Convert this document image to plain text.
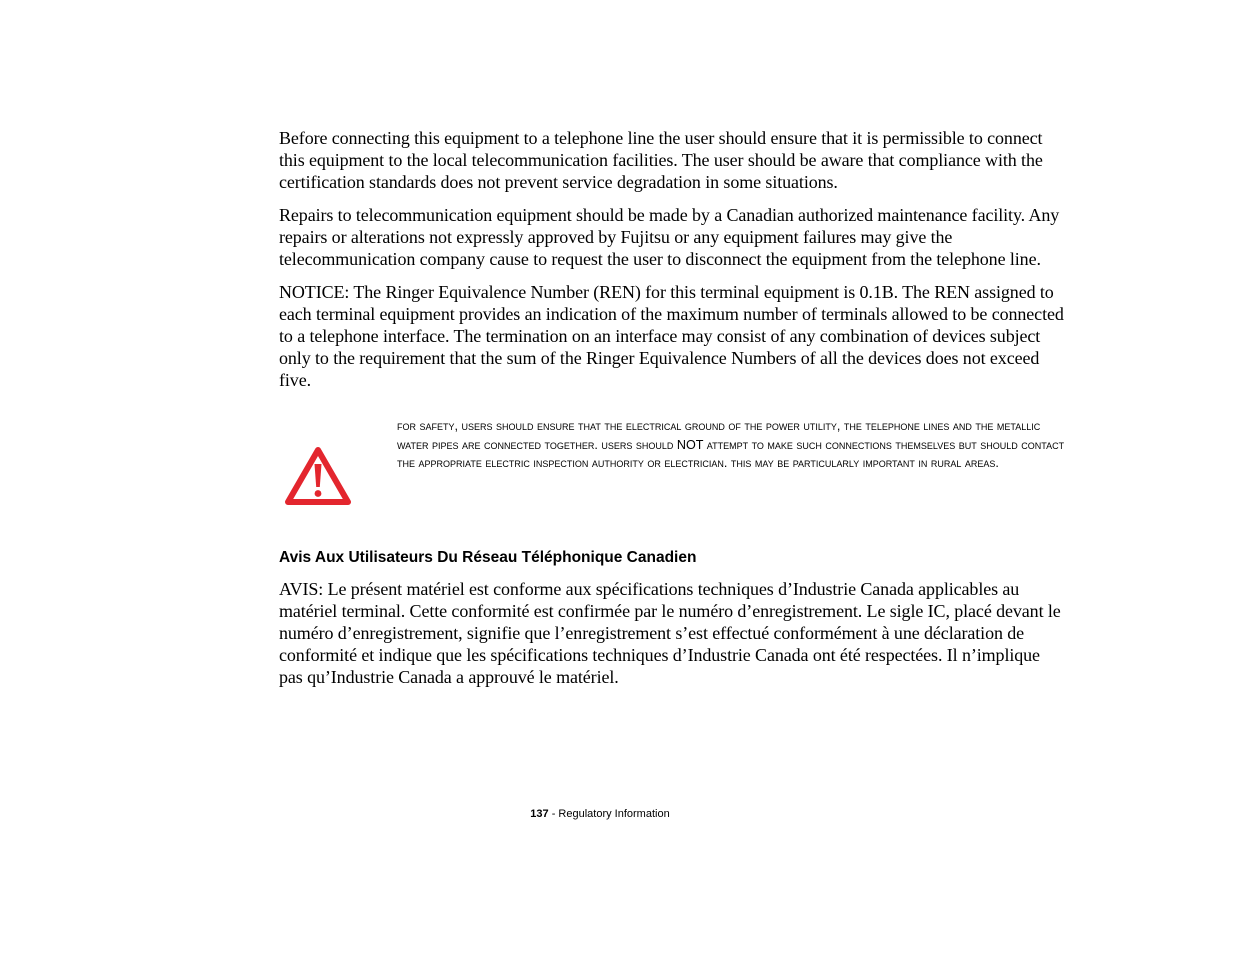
Before connecting this equipment to a telephone line the user should ensure that it is permissible to connect this equipment to the local telecommunication facilities. The user should be aware that compliance with the certification standards does not prevent service degradation in some situations.

Repairs to telecommunication equipment should be made by a Canadian authorized maintenance facility. Any repairs or alterations not expressly approved by Fujitsu or any equipment failures may give the telecommunication company cause to request the user to disconnect the equipment from the telephone line.

NOTICE: The Ringer Equivalence Number (REN) for this terminal equipment is 0.1B. The REN assigned to each terminal equipment provides an indication of the maximum number of terminals allowed to be connected to a telephone interface. The termination on an interface may consist of any combination of devices subject only to the requirement that the sum of the Ringer Equivalence Numbers of all the devices does not exceed five.

for safety, users should ensure that the electrical ground of the power utility, the telephone lines and the metallic water pipes are connected together. users should NOT attempt to make such connections themselves but should contact the appropriate electric inspection authority or electrician. this may be particularly important in rural areas.

Avis Aux Utilisateurs Du Réseau Téléphonique Canadien

AVIS: Le présent matériel est conforme aux spécifications techniques d’Industrie Canada applicables au matériel terminal. Cette conformité est confirmée par le numéro d’enregistrement. Le sigle IC, placé devant le numéro d’enregistrement, signifie que l’enregistrement s’est effectué conformément à une déclaration de conformité et indique que les spécifications techniques d’Industrie Canada ont été respectées. Il n’implique pas qu’Industrie Canada a approuvé le matériel.

137 - Regulatory Information
